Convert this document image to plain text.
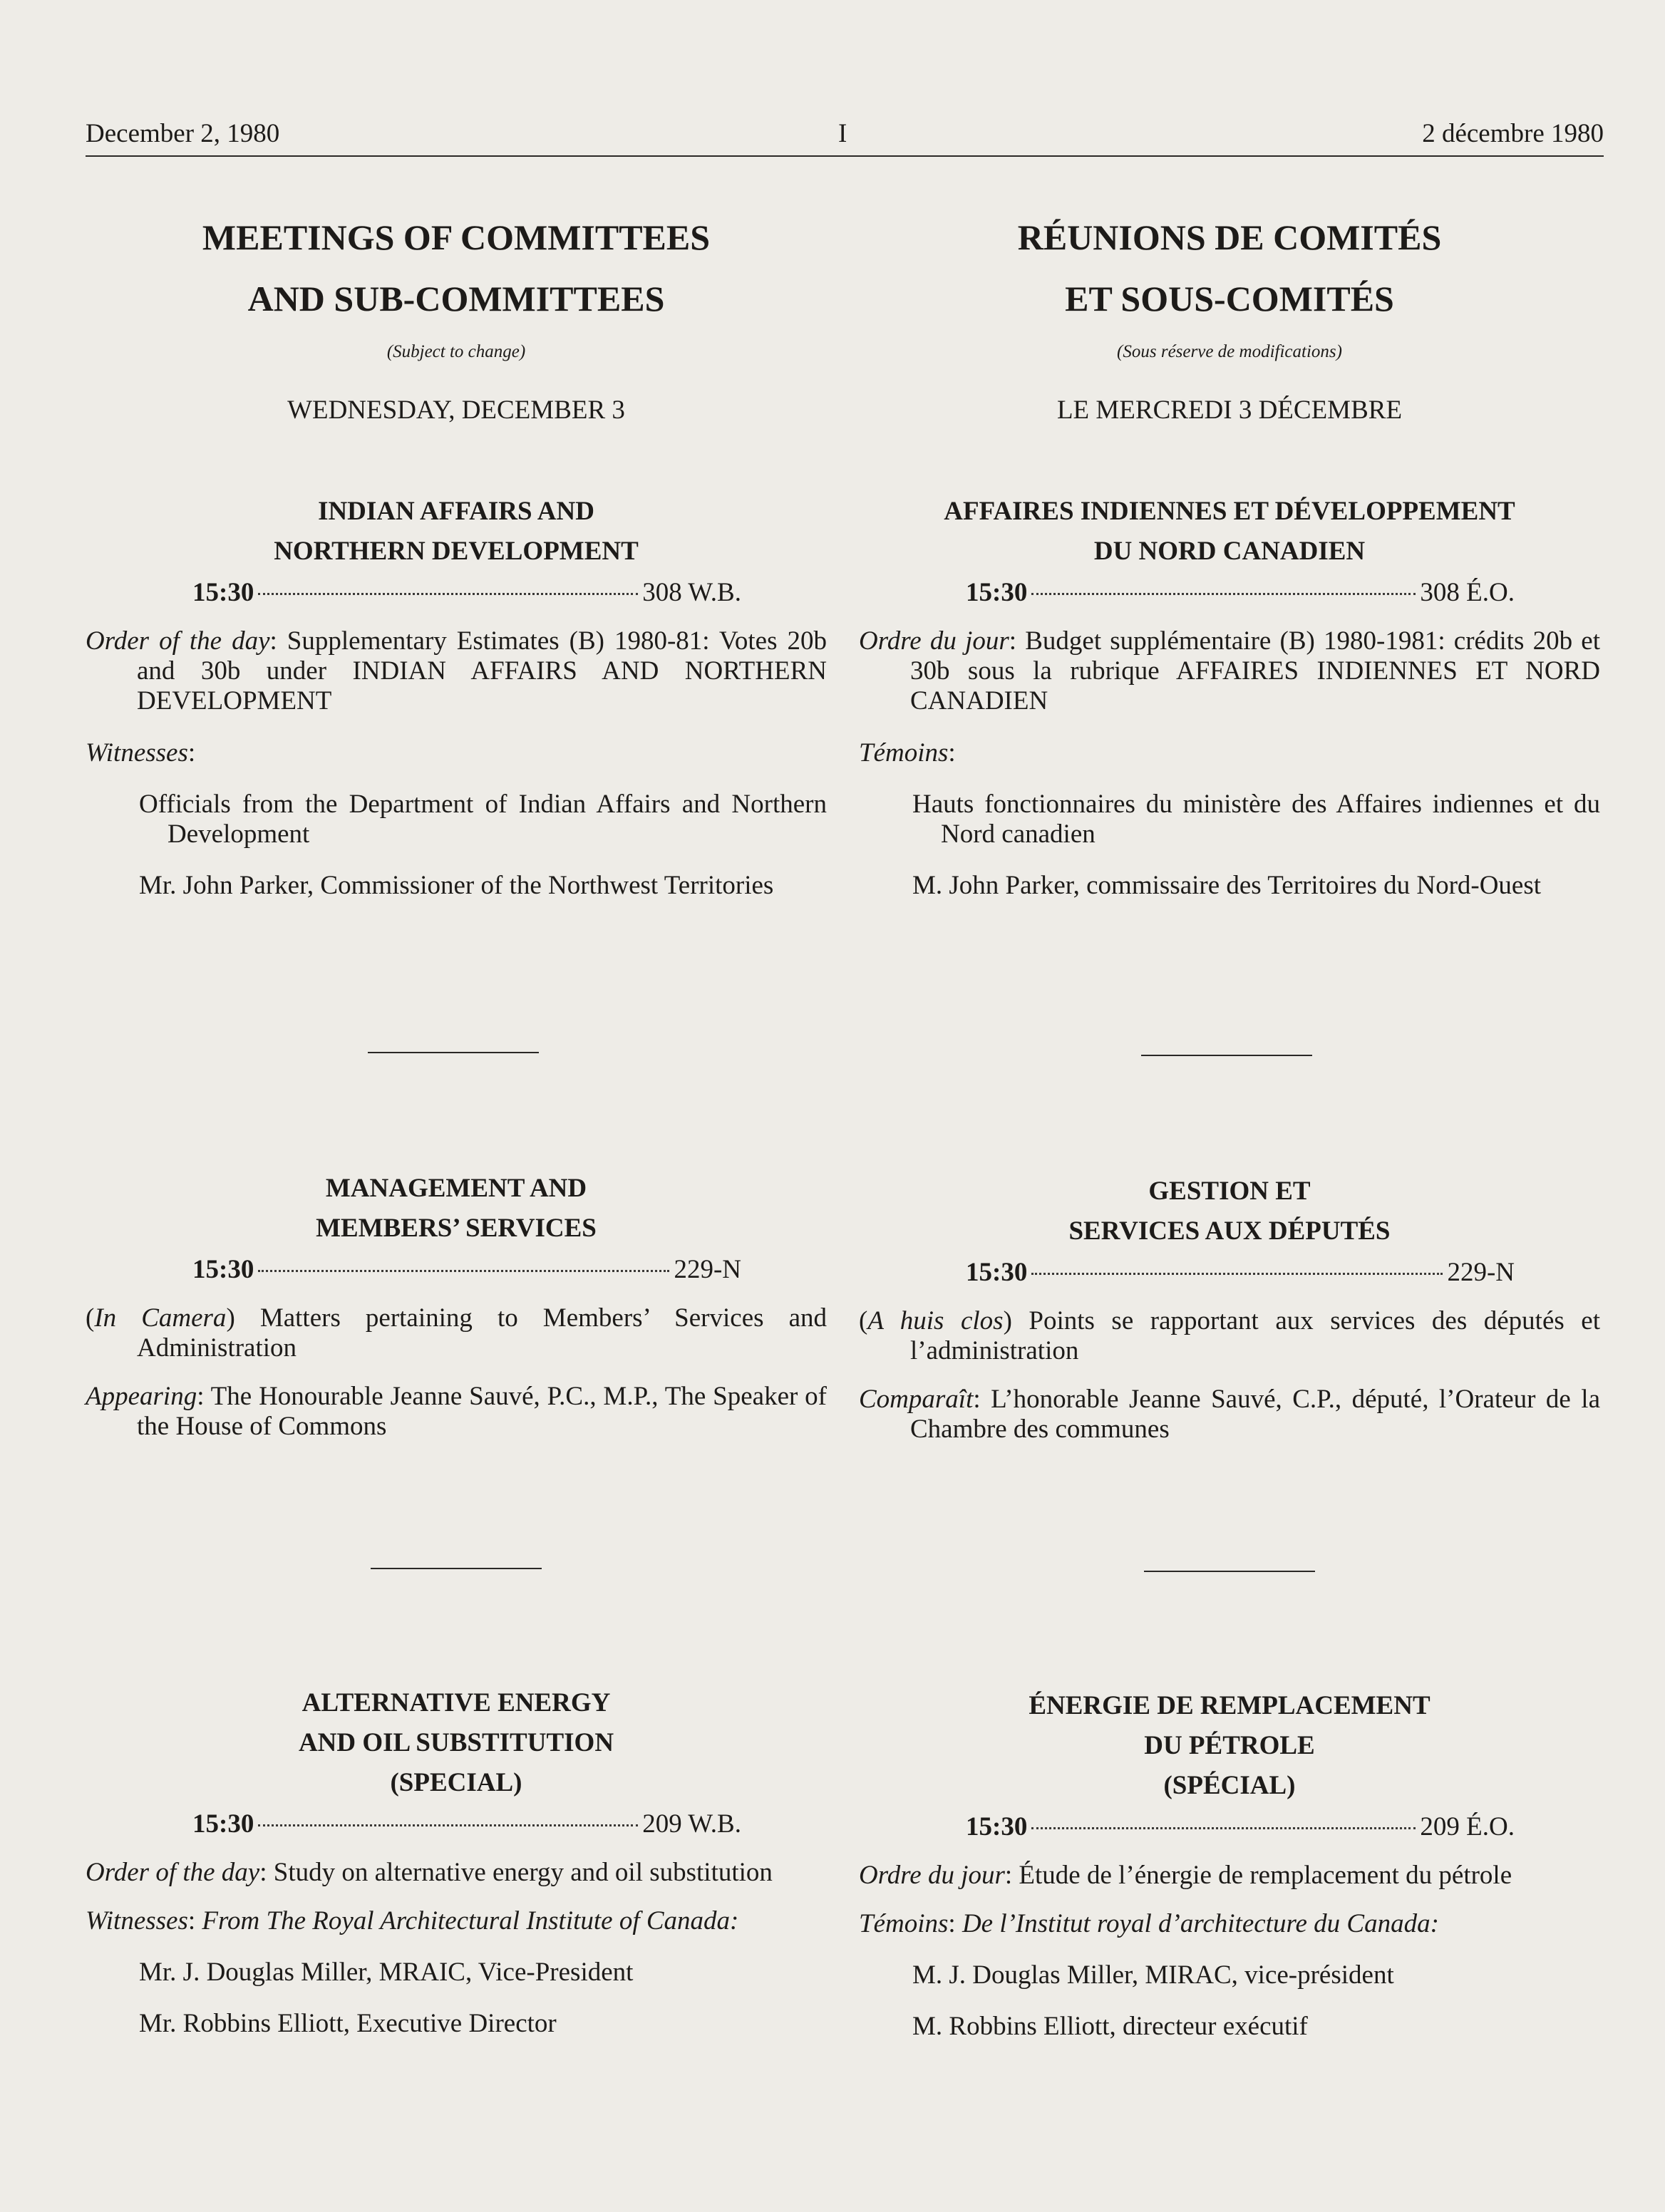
December 2, 1980	I	2 décembre 1980
MEETINGS OF COMMITTEES
AND SUB-COMMITTEES

(Subject to change)

WEDNESDAY, DECEMBER 3

INDIAN AFFAIRS AND
NORTHERN DEVELOPMENT
15:30	308 W.B.

Order of the day: Supplementary Estimates (B) 1980-81: Votes 20b and 30b under INDIAN AFFAIRS AND NORTHERN DEVELOPMENT

Witnesses:

Officials from the Department of Indian Affairs and Northern Development

Mr. John Parker, Commissioner of the Northwest Territories

MANAGEMENT AND
MEMBERS’ SERVICES
15:30	229-N

(In Camera) Matters pertaining to Members’ Services and Administration

Appearing: The Honourable Jeanne Sauvé, P.C., M.P., The Speaker of the House of Commons

ALTERNATIVE ENERGY
AND OIL SUBSTITUTION
(SPECIAL)
15:30	209 W.B.

Order of the day: Study on alternative energy and oil substitution

Witnesses: From The Royal Architectural Institute of Canada:

Mr. J. Douglas Miller, MRAIC, Vice-President

Mr. Robbins Elliott, Executive Director

RÉUNIONS DE COMITÉS
ET SOUS-COMITÉS

(Sous réserve de modifications)

LE MERCREDI 3 DÉCEMBRE

AFFAIRES INDIENNES ET DÉVELOPPEMENT
DU NORD CANADIEN
15:30	308 É.O.

Ordre du jour: Budget supplémentaire (B) 1980-1981: crédits 20b et 30b sous la rubrique AFFAIRES INDIENNES ET NORD CANADIEN

Témoins:

Hauts fonctionnaires du ministère des Affaires indiennes et du Nord canadien

M. John Parker, commissaire des Territoires du Nord-Ouest

GESTION ET
SERVICES AUX DÉPUTÉS
15:30	229-N

(A huis clos) Points se rapportant aux services des députés et l’administration

Comparaît: L’honorable Jeanne Sauvé, C.P., député, l’Orateur de la Chambre des communes

ÉNERGIE DE REMPLACEMENT
DU PÉTROLE
(SPÉCIAL)
15:30	209 É.O.

Ordre du jour: Étude de l’énergie de remplacement du pétrole

Témoins: De l’Institut royal d’architecture du Canada:

M. J. Douglas Miller, MIRAC, vice-président

M. Robbins Elliott, directeur exécutif
